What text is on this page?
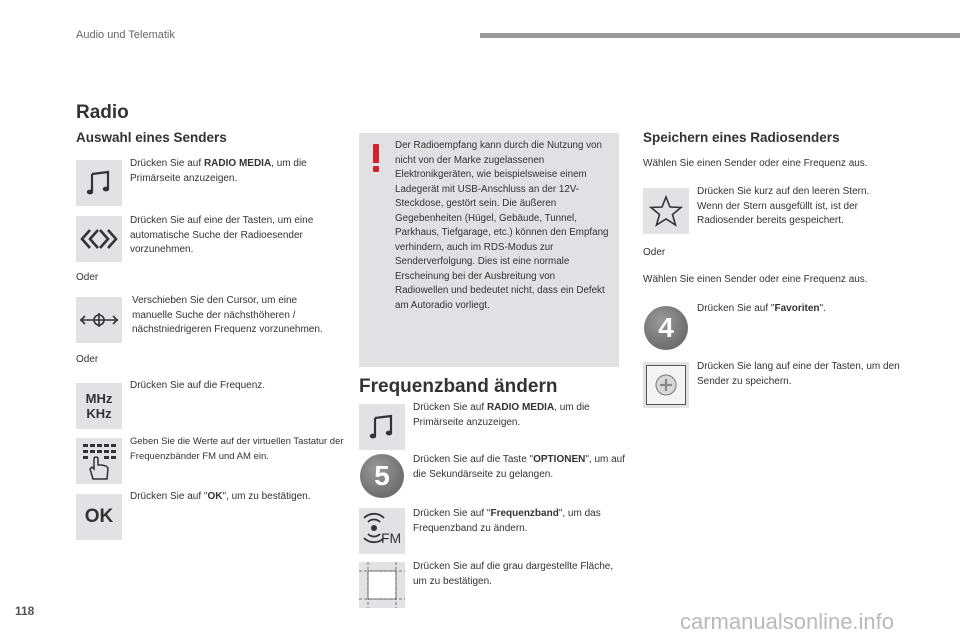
Audio und Telematik
Radio
Auswahl eines Senders
Drücken Sie auf RADIO MEDIA, um die Primärseite anzuzeigen.
Drücken Sie auf eine der Tasten, um eine automatische Suche der Radioesender vorzunehmen.
Oder
Verschieben Sie den Cursor, um eine manuelle Suche der nächsthöheren / nächstniedrigeren Frequenz vorzunehmen.
Oder
MHz
KHz
Drücken Sie auf die Frequenz.
Geben Sie die Werte auf der virtuellen Tastatur der Frequenzbänder FM und AM ein.
OK
Drücken Sie auf "OK", um zu bestätigen.
Der Radioempfang kann durch die Nutzung von nicht von der Marke zugelassenen Elektronikgeräten, wie beispielsweise einem Ladegerät mit USB-Anschluss an der 12V-Steckdose, gestört sein. Die äußeren Gegebenheiten (Hügel, Gebäude, Tunnel, Parkhaus, Tiefgarage, etc.) können den Empfang verhindern, auch im RDS-Modus zur Senderverfolgung. Dies ist eine normale Erscheinung bei der Ausbreitung von Radiowellen und bedeutet nicht, dass ein Defekt am Autoradio vorliegt.
Frequenzband ändern
Drücken Sie auf RADIO MEDIA, um die Primärseite anzuzeigen.
5
Drücken Sie auf die Taste "OPTIONEN", um auf die Sekundärseite zu gelangen.
FM
Drücken Sie auf "Frequenzband", um das Frequenzband zu ändern.
Drücken Sie auf die grau dargestellte Fläche, um zu bestätigen.
Speichern eines Radiosenders
Wählen Sie einen Sender oder eine Frequenz aus.
Drücken Sie kurz auf den leeren Stern. Wenn der Stern ausgefüllt ist, ist der Radiosender bereits gespeichert.
Oder
Wählen Sie einen Sender oder eine Frequenz aus.
4
Drücken Sie auf "Favoriten".
Drücken Sie lang auf eine der Tasten, um den Sender zu speichern.
118	carmanualsonline.info
